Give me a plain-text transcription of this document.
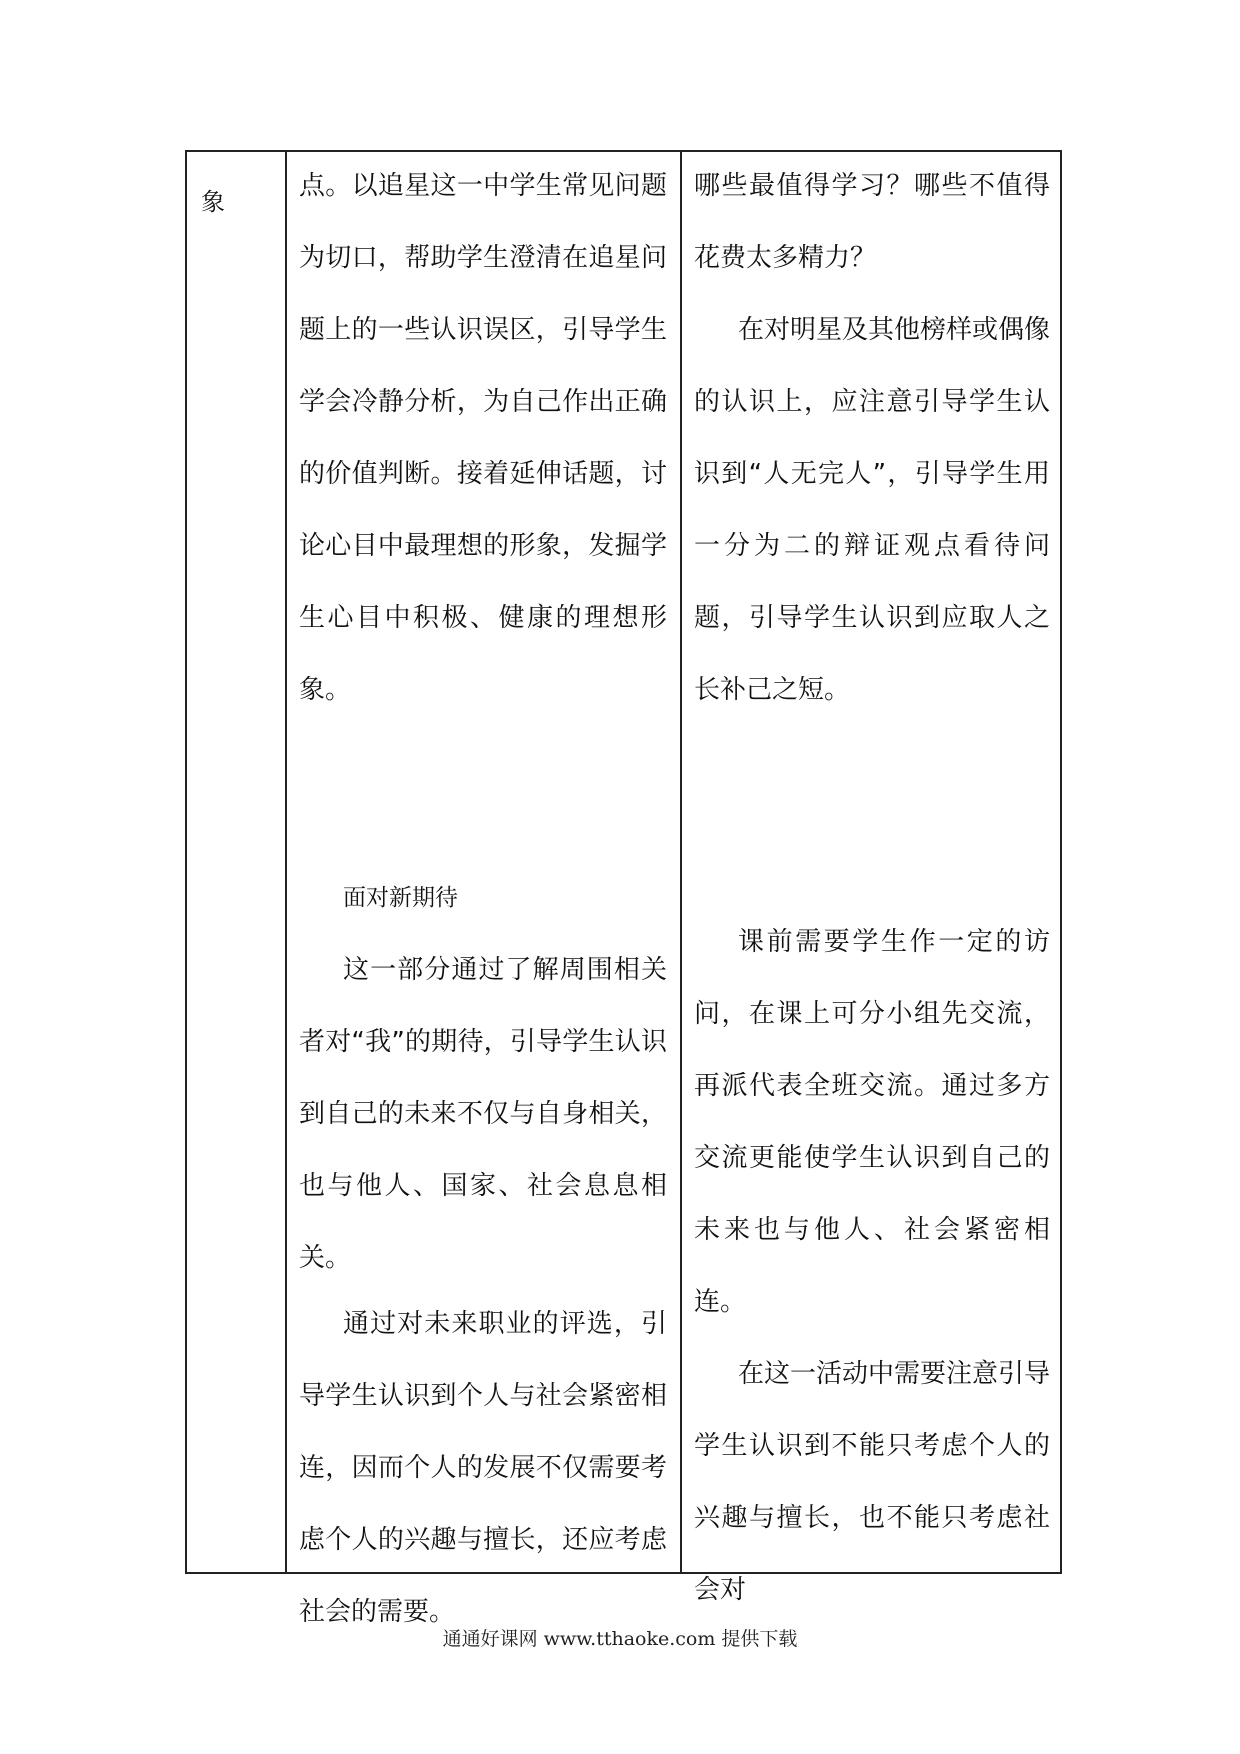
象

点。以追星这一中学生常见问题为切口，帮助学生澄清在追星问题上的一些认识误区，引导学生学会冷静分析，为自己作出正确的价值判断。接着延伸话题，讨论心目中最理想的形象，发掘学生心目中积极、健康的理想形象。

面对新期待

这一部分通过了解周围相关者对“我”的期待，引导学生认识到自己的未来不仅与自身相关，也与他人、国家、社会息息相关。

通过对未来职业的评选，引导学生认识到个人与社会紧密相连，因而个人的发展不仅需要考虑个人的兴趣与擅长，还应考虑社会的需要。

哪些最值得学习？哪些不值得花费太多精力？

在对明星及其他榜样或偶像的认识上，应注意引导学生认识到“人无完人”，引导学生用一分为二的辩证观点看待问题，引导学生认识到应取人之长补己之短。

课前需要学生作一定的访问，在课上可分小组先交流，再派代表全班交流。通过多方交流更能使学生认识到自己的未来也与他人、社会紧密相连。

在这一活动中需要注意引导学生认识到不能只考虑个人的兴趣与擅长，也不能只考虑社会对

通通好课网 www.tthaoke.com 提供下载
